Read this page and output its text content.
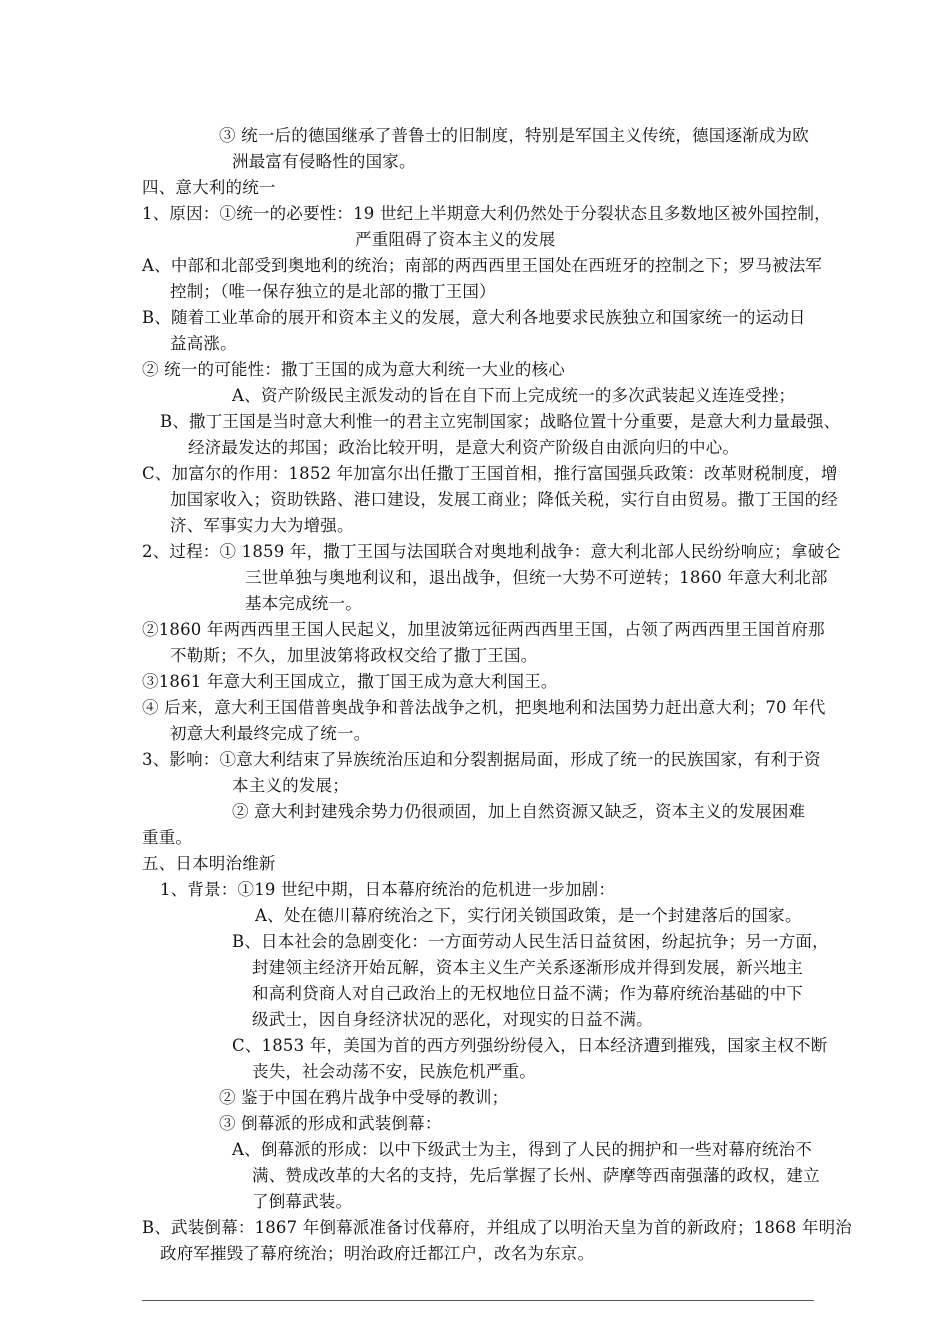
③ 统一后的德国继承了普鲁士的旧制度，特别是军国主义传统，德国逐渐成为欧
洲最富有侵略性的国家。
四、意大利的统一
1、原因：①统一的必要性：19 世纪上半期意大利仍然处于分裂状态且多数地区被外国控制，
严重阻碍了资本主义的发展
A、中部和北部受到奥地利的统治；南部的两西西里王国处在西班牙的控制之下；罗马被法军
控制；（唯一保存独立的是北部的撒丁王国）
B、随着工业革命的展开和资本主义的发展，意大利各地要求民族独立和国家统一的运动日
益高涨。
② 统一的可能性：撒丁王国的成为意大利统一大业的核心
A、资产阶级民主派发动的旨在自下而上完成统一的多次武装起义连连受挫；
B、撒丁王国是当时意大利惟一的君主立宪制国家；战略位置十分重要，是意大利力量最强、
经济最发达的邦国；政治比较开明，是意大利资产阶级自由派向归的中心。
C、加富尔的作用：1852 年加富尔出任撒丁王国首相，推行富国强兵政策：改革财税制度，增
加国家收入；资助铁路、港口建设，发展工商业；降低关税，实行自由贸易。撒丁王国的经
济、军事实力大为增强。
2、过程：① 1859 年，撒丁王国与法国联合对奥地利战争：意大利北部人民纷纷响应；拿破仑
三世单独与奥地利议和，退出战争，但统一大势不可逆转；1860 年意大利北部
基本完成统一。
②1860 年两西西里王国人民起义，加里波第远征两西西里王国，占领了两西西里王国首府那
不勒斯；不久，加里波第将政权交给了撒丁王国。
③1861 年意大利王国成立，撒丁国王成为意大利国王。
④ 后来，意大利王国借普奥战争和普法战争之机，把奥地利和法国势力赶出意大利；70 年代
初意大利最终完成了统一。
3、影响：①意大利结束了异族统治压迫和分裂割据局面，形成了统一的民族国家，有利于资
本主义的发展；
② 意大利封建残余势力仍很顽固，加上自然资源又缺乏，资本主义的发展困难
重重。
五、日本明治维新
1、背景：①19 世纪中期，日本幕府统治的危机进一步加剧：
A、处在德川幕府统治之下，实行闭关锁国政策，是一个封建落后的国家。
B、日本社会的急剧变化：一方面劳动人民生活日益贫困，纷起抗争；另一方面，
封建领主经济开始瓦解，资本主义生产关系逐渐形成并得到发展，新兴地主
和高利贷商人对自己政治上的无权地位日益不满；作为幕府统治基础的中下
级武士，因自身经济状况的恶化，对现实的日益不满。
C、1853 年，美国为首的西方列强纷纷侵入，日本经济遭到摧残，国家主权不断
丧失，社会动荡不安，民族危机严重。
② 鉴于中国在鸦片战争中受辱的教训；
③ 倒幕派的形成和武装倒幕：
A、倒幕派的形成：以中下级武士为主，得到了人民的拥护和一些对幕府统治不
满、赞成改革的大名的支持，先后掌握了长州、萨摩等西南强藩的政权，建立
了倒幕武装。
B、武装倒幕：1867 年倒幕派准备讨伐幕府，并组成了以明治天皇为首的新政府；1868 年明治
政府军摧毁了幕府统治；明治政府迁都江户，改名为东京。
